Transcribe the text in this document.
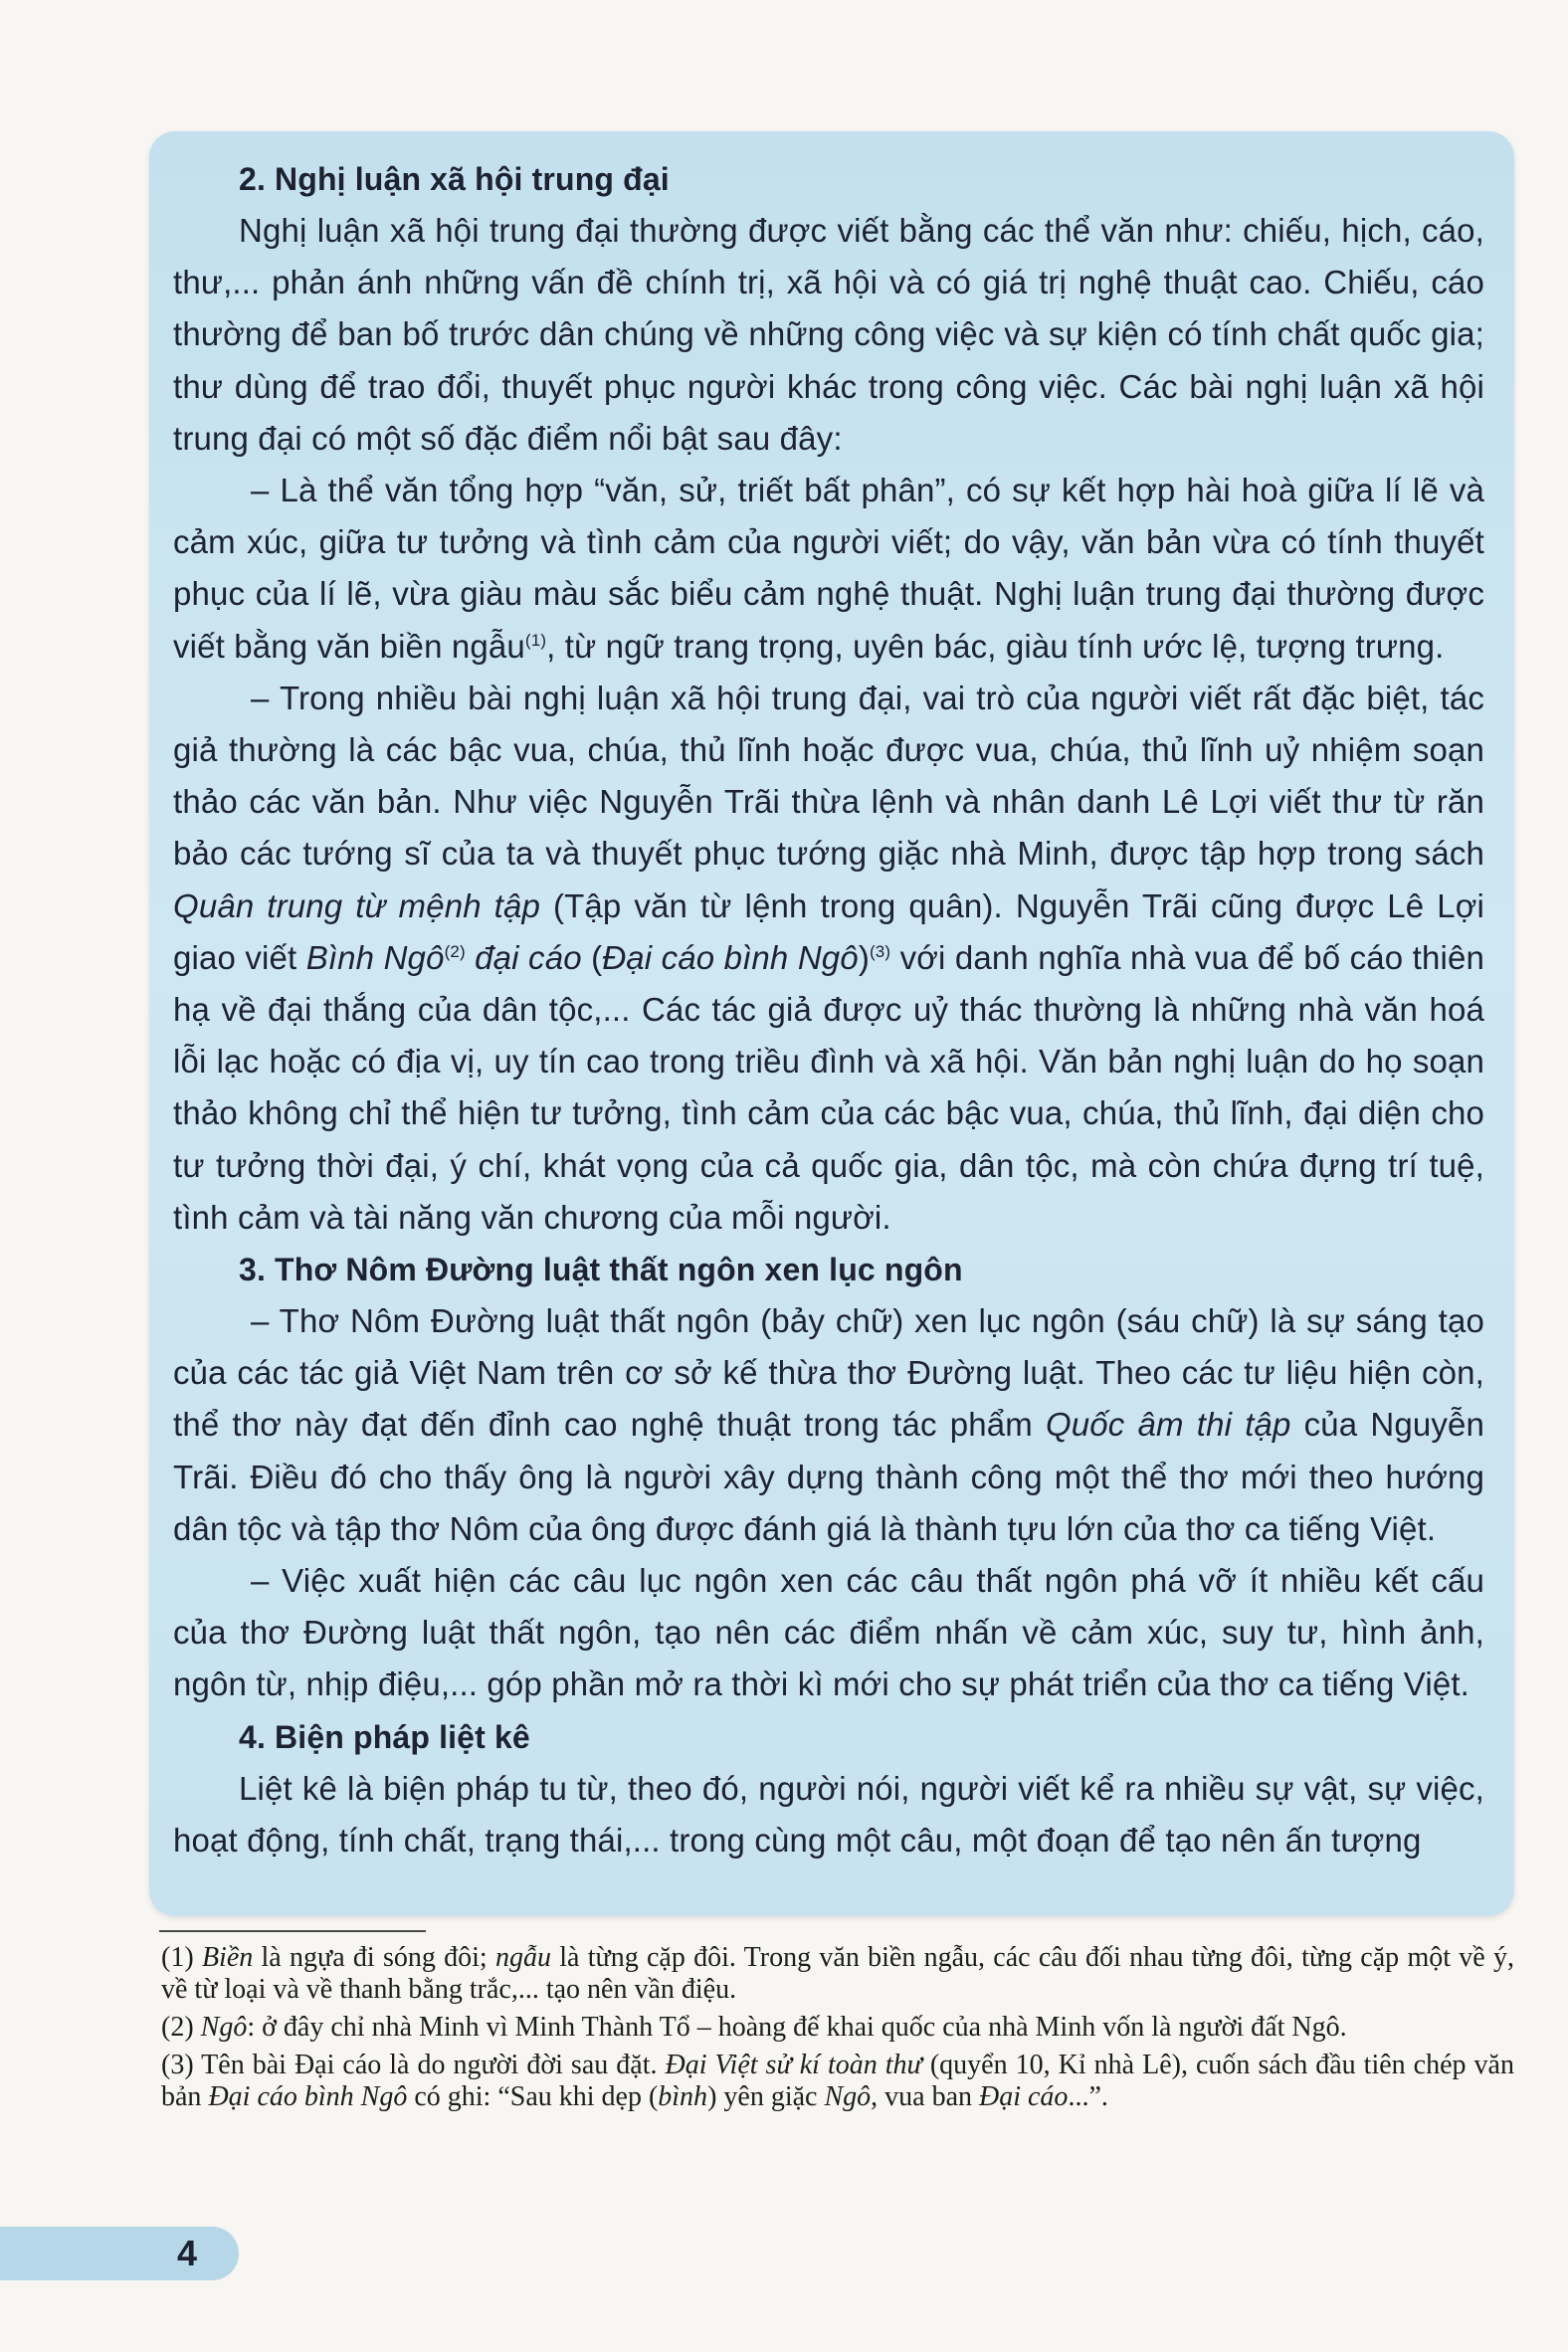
2. Nghị luận xã hội trung đại

Nghị luận xã hội trung đại thường được viết bằng các thể văn như: chiếu, hịch, cáo, thư,... phản ánh những vấn đề chính trị, xã hội và có giá trị nghệ thuật cao. Chiếu, cáo thường để ban bố trước dân chúng về những công việc và sự kiện có tính chất quốc gia; thư dùng để trao đổi, thuyết phục người khác trong công việc. Các bài nghị luận xã hội trung đại có một số đặc điểm nổi bật sau đây:

– Là thể văn tổng hợp “văn, sử, triết bất phân”, có sự kết hợp hài hoà giữa lí lẽ và cảm xúc, giữa tư tưởng và tình cảm của người viết; do vậy, văn bản vừa có tính thuyết phục của lí lẽ, vừa giàu màu sắc biểu cảm nghệ thuật. Nghị luận trung đại thường được viết bằng văn biền ngẫu$^{(1)}$, từ ngữ trang trọng, uyên bác, giàu tính ước lệ, tượng trưng.

– Trong nhiều bài nghị luận xã hội trung đại, vai trò của người viết rất đặc biệt, tác giả thường là các bậc vua, chúa, thủ lĩnh hoặc được vua, chúa, thủ lĩnh uỷ nhiệm soạn thảo các văn bản. Như việc Nguyễn Trãi thừa lệnh và nhân danh Lê Lợi viết thư từ răn bảo các tướng sĩ của ta và thuyết phục tướng giặc nhà Minh, được tập hợp trong sách Quân trung từ mệnh tập (Tập văn từ lệnh trong quân). Nguyễn Trãi cũng được Lê Lợi giao viết Bình Ngô$^{(2)}$ đại cáo (Đại cáo bình Ngô)$^{(3)}$ với danh nghĩa nhà vua để bố cáo thiên hạ về đại thắng của dân tộc,... Các tác giả được uỷ thác thường là những nhà văn hoá lỗi lạc hoặc có địa vị, uy tín cao trong triều đình và xã hội. Văn bản nghị luận do họ soạn thảo không chỉ thể hiện tư tưởng, tình cảm của các bậc vua, chúa, thủ lĩnh, đại diện cho tư tưởng thời đại, ý chí, khát vọng của cả quốc gia, dân tộc, mà còn chứa đựng trí tuệ, tình cảm và tài năng văn chương của mỗi người.

3. Thơ Nôm Đường luật thất ngôn xen lục ngôn

– Thơ Nôm Đường luật thất ngôn (bảy chữ) xen lục ngôn (sáu chữ) là sự sáng tạo của các tác giả Việt Nam trên cơ sở kế thừa thơ Đường luật. Theo các tư liệu hiện còn, thể thơ này đạt đến đỉnh cao nghệ thuật trong tác phẩm Quốc âm thi tập của Nguyễn Trãi. Điều đó cho thấy ông là người xây dựng thành công một thể thơ mới theo hướng dân tộc và tập thơ Nôm của ông được đánh giá là thành tựu lớn của thơ ca tiếng Việt.

– Việc xuất hiện các câu lục ngôn xen các câu thất ngôn phá vỡ ít nhiều kết cấu của thơ Đường luật thất ngôn, tạo nên các điểm nhấn về cảm xúc, suy tư, hình ảnh, ngôn từ, nhịp điệu,... góp phần mở ra thời kì mới cho sự phát triển của thơ ca tiếng Việt.

4. Biện pháp liệt kê

Liệt kê là biện pháp tu từ, theo đó, người nói, người viết kể ra nhiều sự vật, sự việc, hoạt động, tính chất, trạng thái,... trong cùng một câu, một đoạn để tạo nên ấn tượng

(1) Biền là ngựa đi sóng đôi; ngẫu là từng cặp đôi. Trong văn biền ngẫu, các câu đối nhau từng đôi, từng cặp một về ý, về từ loại và về thanh bằng trắc,... tạo nên vần điệu.

(2) Ngô: ở đây chỉ nhà Minh vì Minh Thành Tổ – hoàng đế khai quốc của nhà Minh vốn là người đất Ngô.

(3) Tên bài Đại cáo là do người đời sau đặt. Đại Việt sử kí toàn thư (quyển 10, Kỉ nhà Lê), cuốn sách đầu tiên chép văn bản Đại cáo bình Ngô có ghi: “Sau khi dẹp (bình) yên giặc Ngô, vua ban Đại cáo...”.

4
